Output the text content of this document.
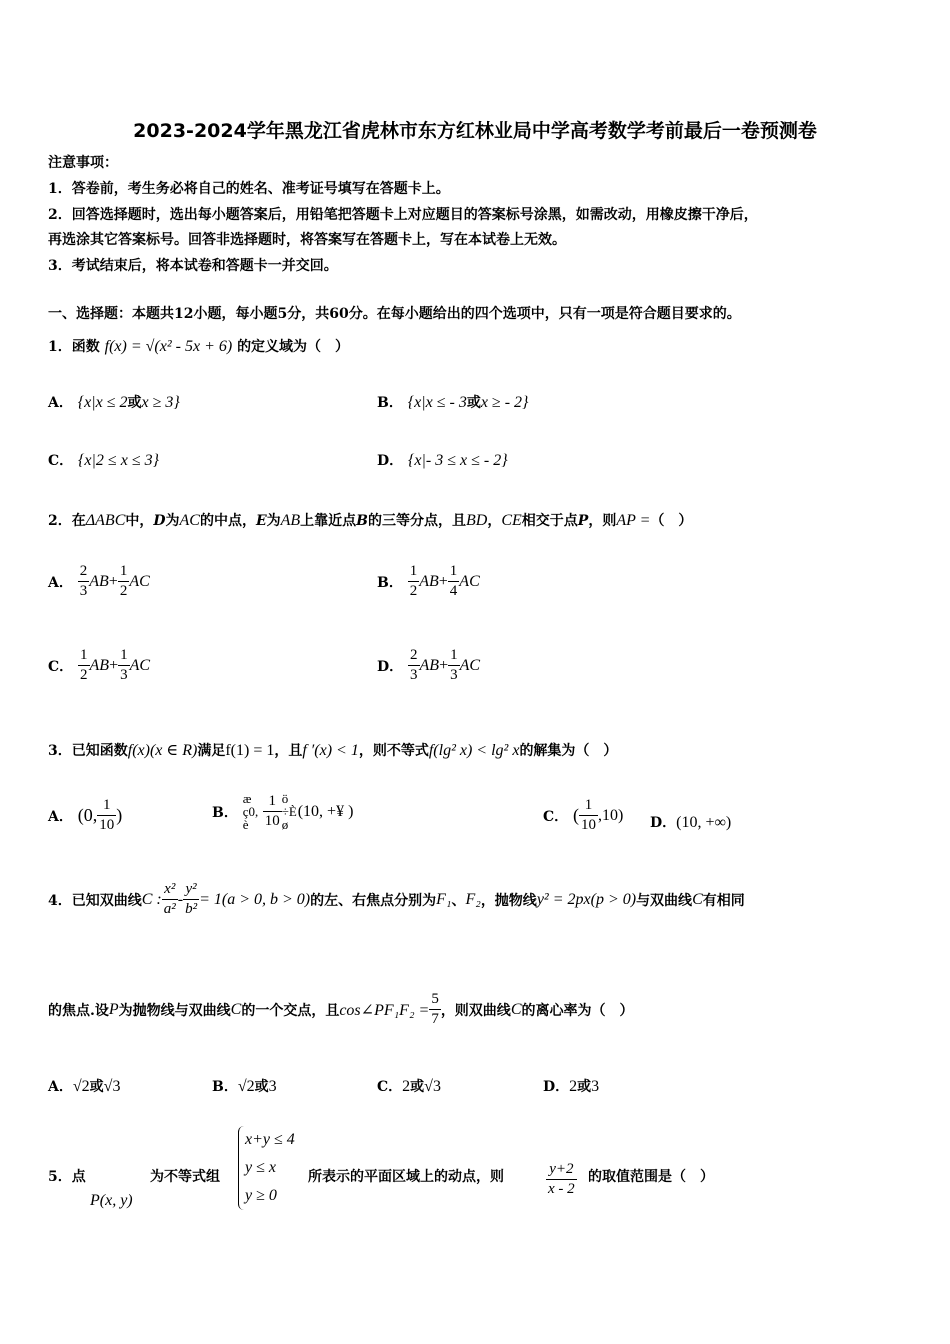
2023-2024学年黑龙江省虎林市东方红林业局中学高考数学考前最后一卷预测卷
注意事项：
1．答卷前，考生务必将自己的姓名、准考证号填写在答题卡上。
2．回答选择题时，选出每小题答案后，用铅笔把答题卡上对应题目的答案标号涂黑，如需改动，用橡皮擦干净后，
再选涂其它答案标号。回答非选择题时，将答案写在答题卡上，写在本试卷上无效。
3．考试结束后，将本试卷和答题卡一并交回。
一、选择题：本题共12小题，每小题5分，共60分。在每小题给出的四个选项中，只有一项是符合题目要求的。
1．函数 f(x) = √(x² - 5x + 6) 的定义域为（　）
A． {x|x ≤ 2或x ≥ 3}	B． {x|x ≤ - 3或x ≥ - 2}
C． {x|2 ≤ x ≤ 3}	D． {x|- 3 ≤ x ≤ - 2}
2．在ΔABC中，D为AC的中点，E为AB上靠近点B的三等分点，且BD，CE相交于点P，则AP =（　）
A． $\frac{2}{3} AB+ \frac{1}{2}$ AC	B． $\frac{1}{2} AB+ \frac{1}{4}$ AC
C． $\frac{1}{2} AB+ \frac{1}{3}$ AC	D． $\frac{2}{3} AB+ \frac{1}{3}$ AC
3．已知函数f(x)(x ∈ R)满足f(1) = 1，且f ′(x) < 1，则不等式f(lg² x) < lg² x的解集为（　）
A． (0, $\frac{1}{10}$ )	B． æ ç0, è $\frac{1}{10}$ ö ÷È ø(10, +¥ )	C． ( $\frac{1}{10} ,10$) D．(10, +∞)
4．已知双曲线C : $\frac{\text{x²}}{\text{a²}} - \frac{\text{y²}}{\text{b²}} = 1(a > 0$, b > 0)的左、右焦点分别为F₁、F₂，抛物线y² = 2px(p > 0)与双曲线C有相同
的焦点.设P为抛物线与双曲线C的一个交点，且cos∠PF₁F₂ = $\frac{5}{7}$ ，则双曲线C的离心率为（　）
A．√2或√3	B．√2或3	C．2或√3	D．2或3
5．点
P(x, y)
为不等式组
x+y ≤ 4
y ≤ x
y ≥ 0
所表示的平面区域上的动点，则	$\frac{y+2}{x - 2}$ 的取值范围是（　）
